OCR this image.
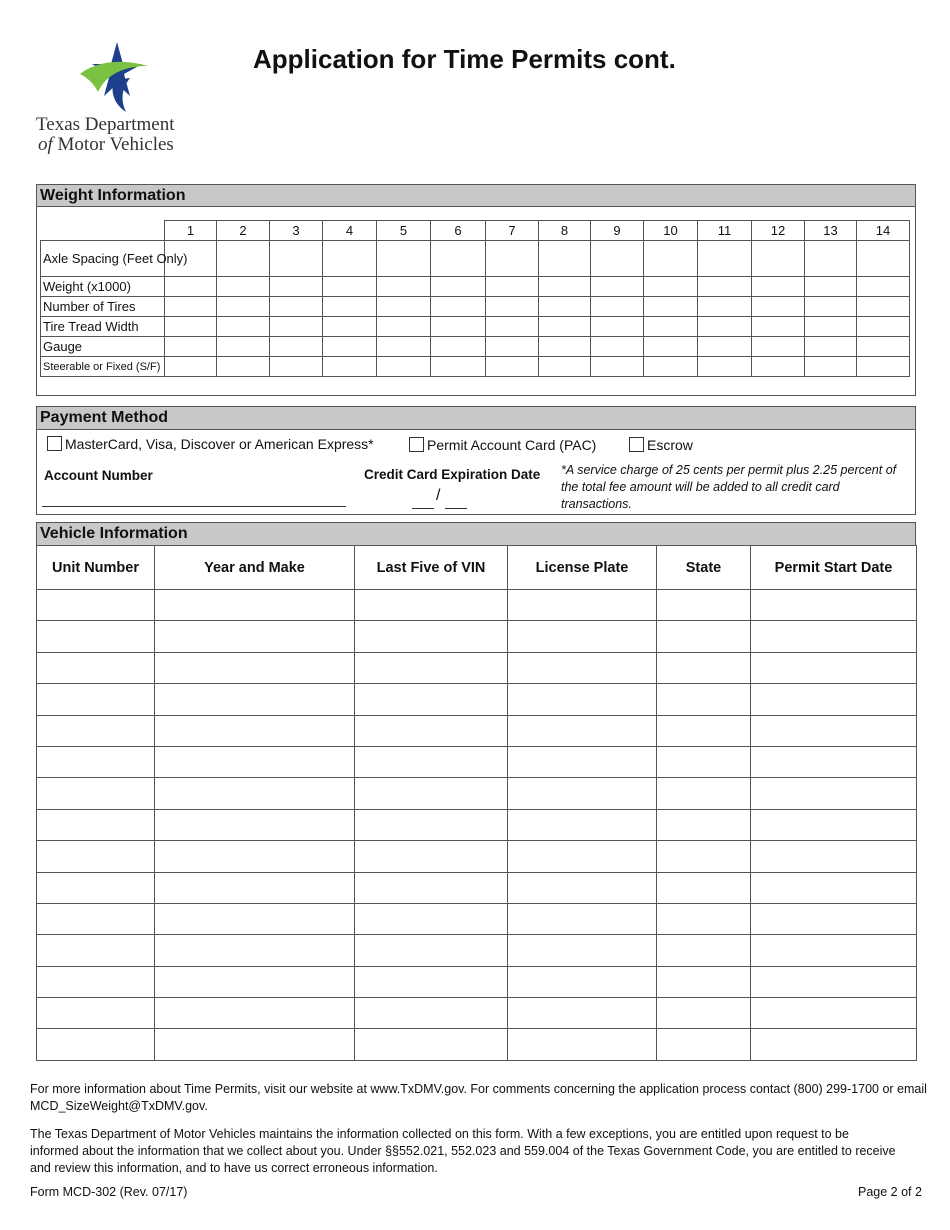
Texas Department
of Motor Vehicles
Application for Time Permits cont.
Weight Information
	1	2	3	4	5	6	7	8	9	10	11	12	13	14
Axle Spacing (Feet Only)														
Weight (x1000)														
Number of Tires														
Tire Tread Width														
Gauge														
Steerable or Fixed (S/F)														
Payment Method
MasterCard, Visa, Discover or American Express*	Permit Account Card (PAC)	Escrow
Account Number	Credit Card Expiration Date
/
*A service charge of 25 cents per permit plus 2.25 percent of the total fee amount will be added to all credit card transactions.
Vehicle Information
Unit Number	Year and Make	Last Five of VIN	License Plate	State	Permit Start Date

For more information about Time Permits, visit our website at www.TxDMV.gov. For comments concerning the application process contact (800) 299-1700 or email MCD_SizeWeight@TxDMV.gov.
The Texas Department of Motor Vehicles maintains the information collected on this form. With a few exceptions, you are entitled upon request to be informed about the information that we collect about you. Under §§552.021, 552.023 and 559.004 of the Texas Government Code, you are entitled to receive and review this information, and to have us correct erroneous information.
Form MCD-302 (Rev. 07/17)	Page 2 of 2
